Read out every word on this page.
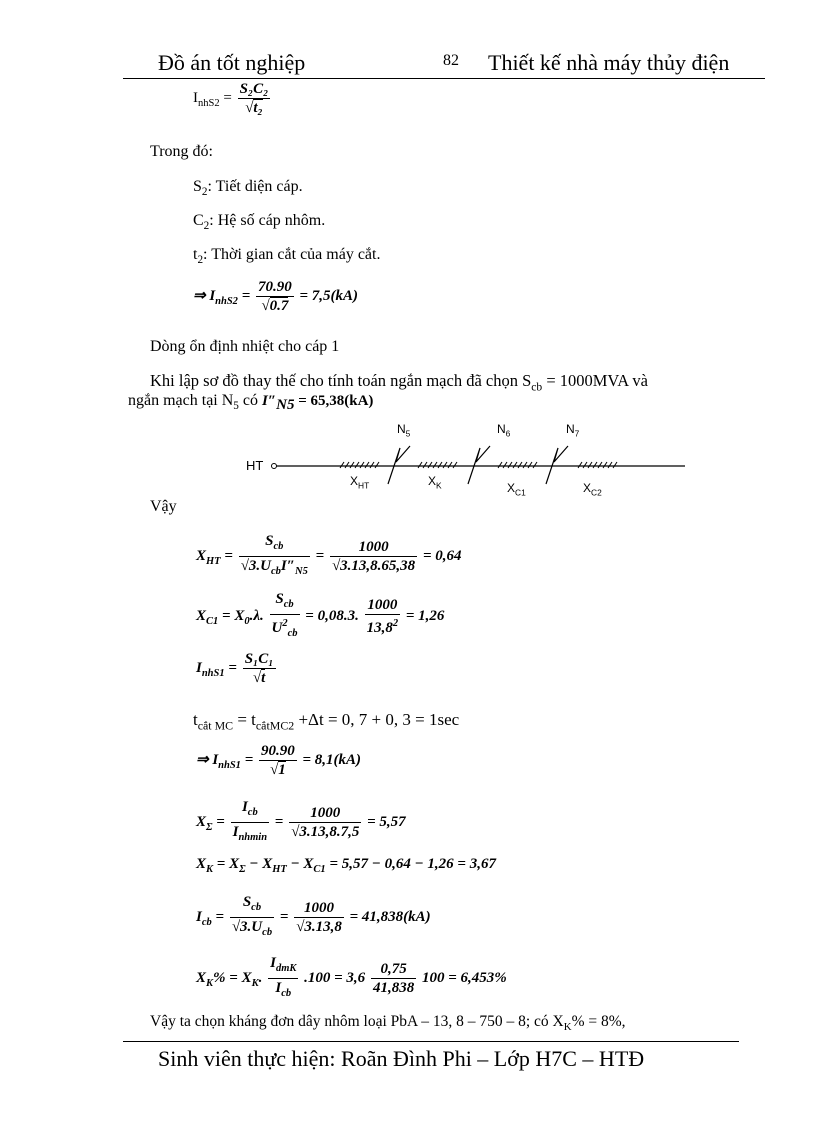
Đồ án tốt nghiệp	82 Thiết kế nhà máy thủy điện
$I_{nhS2} = \frac{\text{S₂C₂}}{\text{√t₂}}$
Trong đó:
$S_2$: Tiết diện cáp.
$C_2$: Hệ số cáp nhôm.
$t_2$: Thời gian cắt của máy cắt.
⇒ $I_{nhS2} = \frac{70.90}{√0.7} = 7,5(kA)$
Dòng ổn định nhiệt cho cáp 1
Khi lập sơ đồ thay thế cho tính toán ngắn mạch đã chọn $S_{cb} = 1000MVA$ và
ngắn mạch tại $N_5$ có $I''_{N5} = 65,38(kA)$
HT
$N_5$	$N_6$	$N_7$
$X_{HT}$	$X_K$	$X_{C1}$	$X_{C2}$
Vậy
$X_{HT} = \frac{S_{cb}}{√3.U_{cb}I''_{N5}} = \frac{1000}{√3.13,8.65,38} = 0,64$
$X_{C1} = X_0.\lambda$. $\frac{S_{cb}}{U^2_{cb}} = 0,08.3$. $\frac{1000}{13,8^2} = 1,26$
$I_{nhS1} = \frac{\text{S₁C₁}}{√t}$
$t_{cắt MC} = t_{cắtMC2} +\Delta t = 0$, 7 + 0, 3 = 1sec
⇒ $I_{nhS1} = \frac{90.90}{√1} = 8,1(kA)$
$X_\Sigma = \frac{I_{cb}}{I_{nhmin}} = \frac{1000}{√3.13,8.7,5} = 5,57$
$X_K = X_\Sigma - X_{HT} - X_{C1} = 5,57 - 0,64 - 1,26 = 3,67$
$I_{cb} = \frac{S_{cb}}{√3.U_{cb}} = \frac{1000}{√3.13,8} = 41,838(kA)$
$X_K\% = X_K$. $\frac{I_{dmK}}{I_{cb}} .100 = 3,6 \frac{0,75}{41,838} 100 = 6,453\%$
Vậy ta chọn kháng đơn dây nhôm loại PbA – 13, 8 – 750 – 8; có $X_K\% = 8\%$,
Sinh viên thực hiện: Roãn Đình Phi – Lớp H7C – HTĐ
